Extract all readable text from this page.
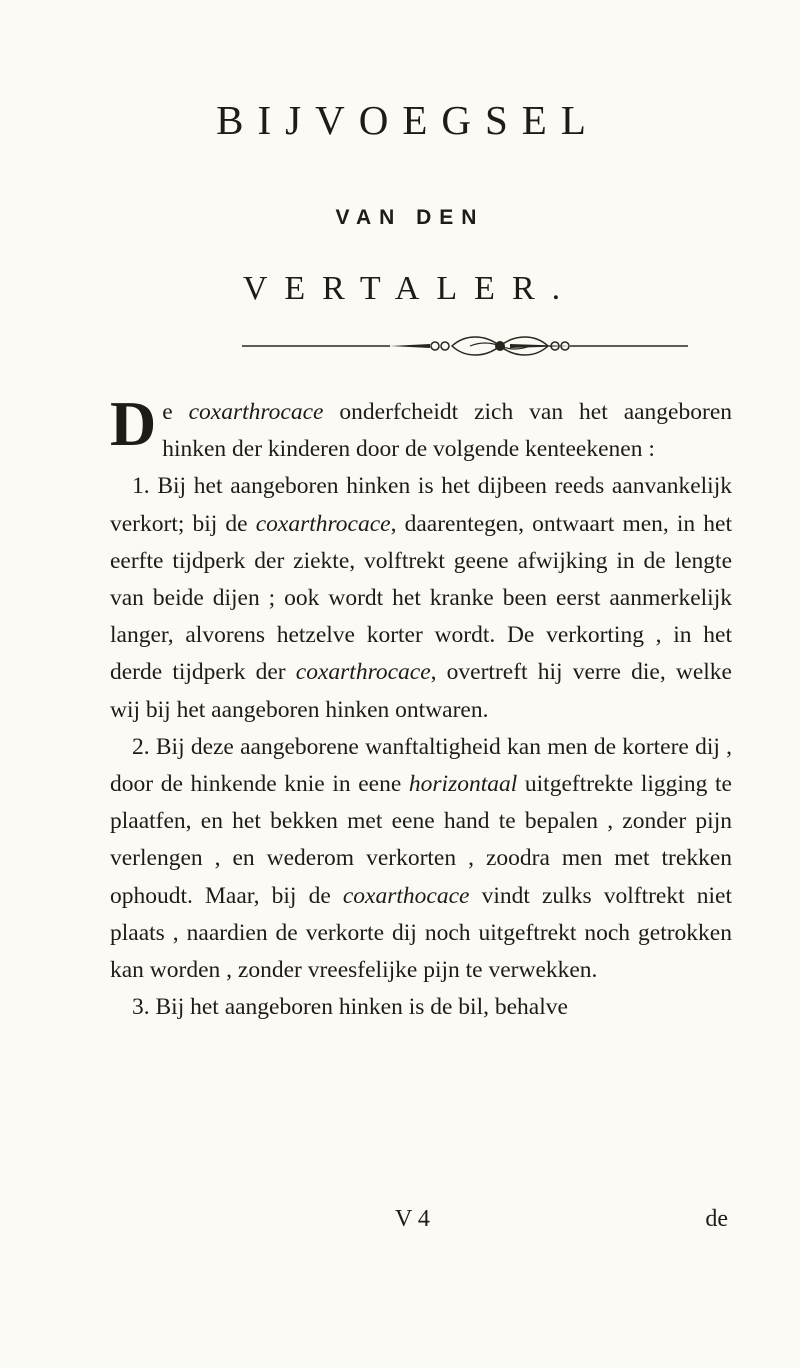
BIJVOEGSEL
VAN DEN
VERTALER.

De coxarthrocace onderfcheidt zich van het aangeboren hinken der kinderen door de volgende kenteekenen :

1. Bij het aangeboren hinken is het dijbeen reeds aanvankelijk verkort; bij de coxarthrocace, daarentegen, ontwaart men, in het eerfte tijdperk der ziekte, volftrekt geene afwijking in de lengte van beide dijen ; ook wordt het kranke been eerst aanmerkelijk langer, alvorens hetzelve korter wordt. De verkorting , in het derde tijdperk der coxarthrocace, overtreft hij verre die, welke wij bij het aangeboren hinken ontwaren.

2. Bij deze aangeborene wanftaltigheid kan men de kortere dij , door de hinkende knie in eene horizontaal uitgeftrekte ligging te plaatfen, en het bekken met eene hand te bepalen , zonder pijn verlengen , en wederom verkorten , zoodra men met trekken ophoudt. Maar, bij de coxarthocace vindt zulks volftrekt niet plaats , naardien de verkorte dij noch uitgeftrekt noch getrokken kan worden , zonder vreesfelijke pijn te verwekken.

3. Bij het aangeboren hinken is de bil, behalve

V 4	de
